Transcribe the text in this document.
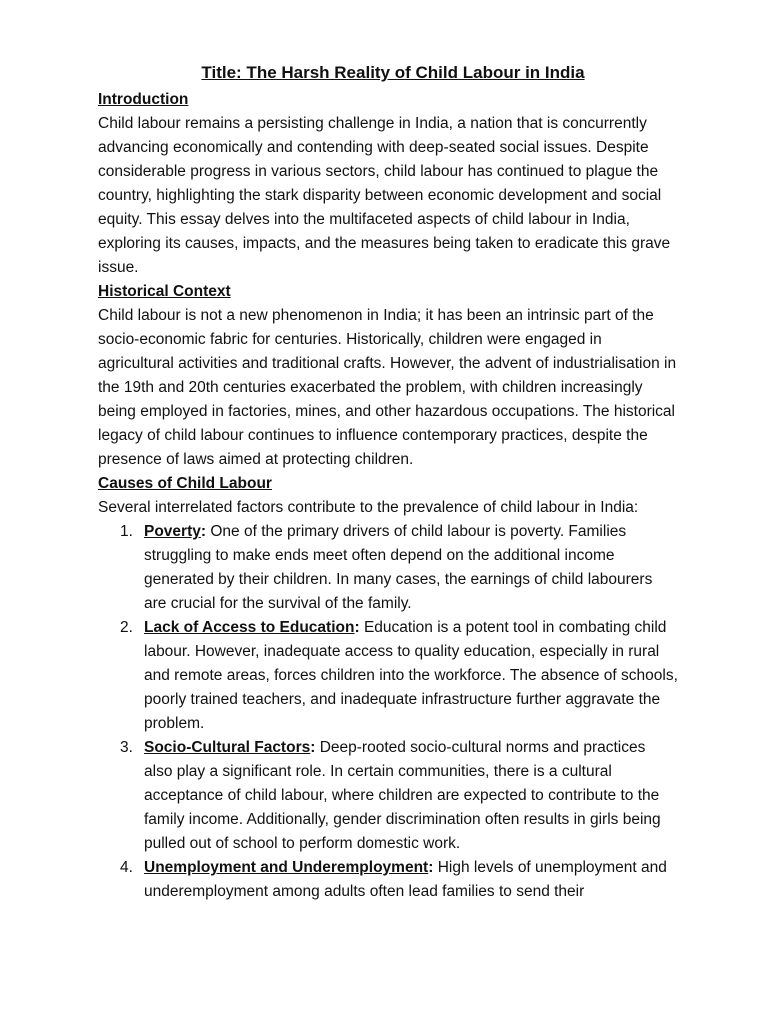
Title: The Harsh Reality of Child Labour in India
Introduction

Child labour remains a persisting challenge in India, a nation that is concurrently advancing economically and contending with deep-seated social issues. Despite considerable progress in various sectors, child labour has continued to plague the country, highlighting the stark disparity between economic development and social equity. This essay delves into the multifaceted aspects of child labour in India, exploring its causes, impacts, and the measures being taken to eradicate this grave issue.

Historical Context

Child labour is not a new phenomenon in India; it has been an intrinsic part of the socio-economic fabric for centuries. Historically, children were engaged in agricultural activities and traditional crafts. However, the advent of industrialisation in the 19th and 20th centuries exacerbated the problem, with children increasingly being employed in factories, mines, and other hazardous occupations. The historical legacy of child labour continues to influence contemporary practices, despite the presence of laws aimed at protecting children.

Causes of Child Labour

Several interrelated factors contribute to the prevalence of child labour in India:

1. Poverty: One of the primary drivers of child labour is poverty. Families struggling to make ends meet often depend on the additional income generated by their children. In many cases, the earnings of child labourers are crucial for the survival of the family.
2. Lack of Access to Education: Education is a potent tool in combating child labour. However, inadequate access to quality education, especially in rural and remote areas, forces children into the workforce. The absence of schools, poorly trained teachers, and inadequate infrastructure further aggravate the problem.
3. Socio-Cultural Factors: Deep-rooted socio-cultural norms and practices also play a significant role. In certain communities, there is a cultural acceptance of child labour, where children are expected to contribute to the family income. Additionally, gender discrimination often results in girls being pulled out of school to perform domestic work.
4. Unemployment and Underemployment: High levels of unemployment and underemployment among adults often lead families to send their
